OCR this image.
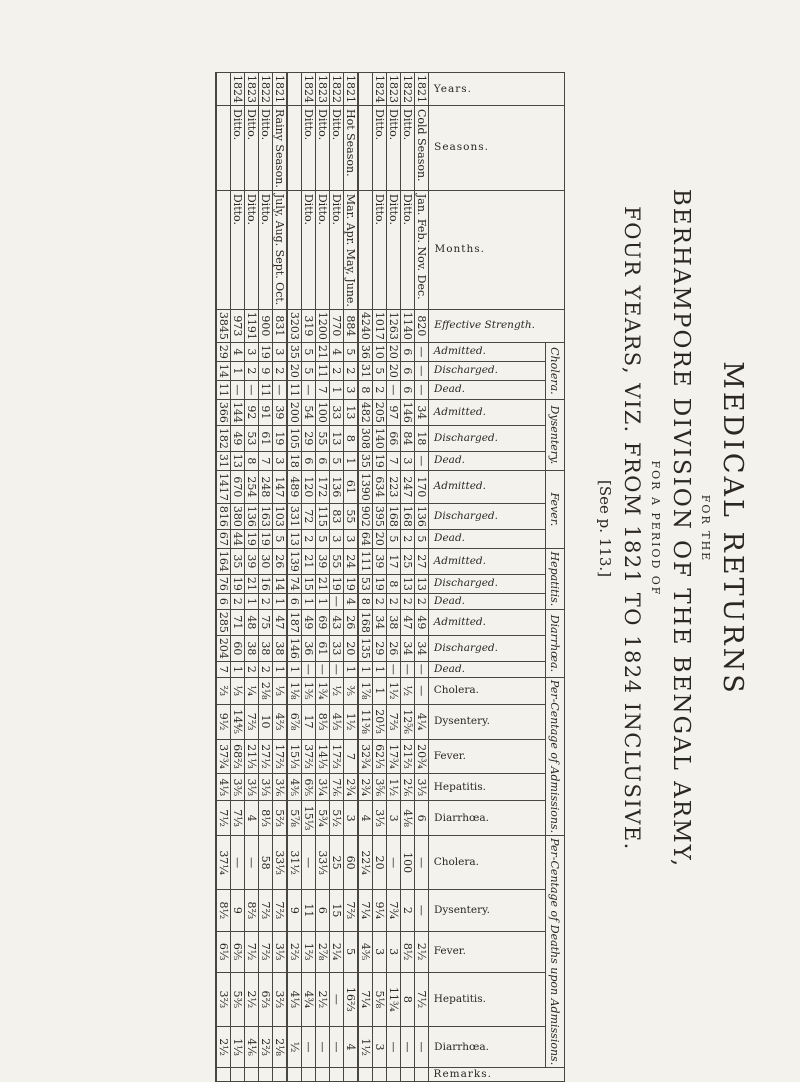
MEDICAL RETURNS
FOR THE
BERHAMPORE DIVISION OF THE BENGAL ARMY,
FOR A PERIOD OF
FOUR YEARS, VIZ. FROM 1821 TO 1824 INCLUSIVE.
[See p. 113.]
Years.	Seasons.	Months.	Effective Strength.	Cholera.			Dysentery.			Fever.			Hepatitis.			Diarrhœa.			Per-Centage of Admissions.					Per-Centage of Deaths upon Admissions.					Remarks.
				Admitted.	Discharged.	Dead.	Admitted.	Discharged.	Dead.	Admitted.	Discharged.	Dead.	Admitted.	Discharged.	Dead.	Admitted.	Discharged.	Dead.	Cholera.	Dysentery.	Fever.	Hepatitis.	Diarrhœa.	Cholera.	Dysentery.	Fever.	Hepatitis.	Diarrhœa.	
1821	Cold Season.	Jan. Feb. Nov. Dec.	820	—	—	—	34	18	—	170	136	5	27	13	2	49	34	—	—	4¼	20¾	3⅓	6	—	—	2½	7½	—	
1822	Ditto.	Ditto.	1140	6	6	6	146	84	3	247	168	2	25	13	2	47	34	—	½	12⅚	21⅔	2⅙	4⅛	100	2	8½	8	—	
1823	Ditto.	Ditto.	1263	20	20	—	97	66	7	223	168	5	17	8	2	38	26	—	1½	7⅔	17¾	1½	3	—	7¾	3	11¾	—	
1824	Ditto.	Ditto.	1017	10	5	2	205	140	19	634	395	20	39	19	2	34	29	1	1	20⅓	62⅓	3⅚	3⅓	20	9¼	3	5⅛	3	
			4240	36	31	8	482	308	35	1390	902	64	111	53	8	168	135	1	1⅞	11⅜	32¾	2¾	4	22¼	7¼	4⅗	7¼	1½	
1821	Hot Season.	Mar. Apr. May, June.	884	5	2	3	13	8	1	61	55	3	24	19	4	26	20	1	⅗	1½	7	2¾	3	60	7⅔	5	16⅔	4	
1822	Ditto.	Ditto.	770	4	2	1	33	13	5	136	83	3	55	19	—	43	33	—	½	4⅓	17⅔	7⅙	5½	25	15	2¼	—	—	
1823	Ditto.	Ditto.	1200	21	11	7	100	55	6	172	115	5	39	21	1	69	61	—	1¾	8⅓	14⅓	3¼	5¾	33⅓	6	2⅞	2½	—	
1824	Ditto.	Ditto.	319	5	5	—	54	29	6	120	72	2	21	15	1	49	36	—	1⅗	17	37⅔	6⅗	15⅓	—	11	1⅔	4¾	—	
			3203	35	20	11	200	105	18	489	331	13	139	74	6	187	146	1	1⅛	6⅞	15⅓	4⅗	5⅞	31½	9	2⅔	4⅓	½	
1821	Rainy Season.	July, Aug. Sept. Oct.	831	3	2	—	39	19	3	147	103	5	26	14	1	47	38	1	⅓	4⅔	17⅔	3⅙	5⅔	33⅓	7⅔	3⅓	3⅔	2⅛	
1822	Ditto.	Ditto.	900	19	9	11	91	61	7	248	163	19	30	16	2	75	38	2	2⅛	10	27½	3⅓	8⅓	58	7⅔	7⅔	6⅔	2⅔	
1823	Ditto.	Ditto.	1191	3	2	—	92	53	8	254	136	19	39	21	1	48	38	2	¼	7⅔	21⅓	3⅓	4	—	8⅔	7½	2½	4⅙	
1824	Ditto.	Ditto.	973	4	1	—	144	49	13	670	380	44	35	19	2	71	60	1	⅓	14⅘	68⅔	3⅗	7⅓	—	9	6⅗	5⅗	1⅓	
			3845	29	14	11	366	182	31	1417	816	67	164	76	6	285	204	7	⅔	9½	37¾	4⅓	7½	37¼	8½	6⅓	3⅔	2½	
